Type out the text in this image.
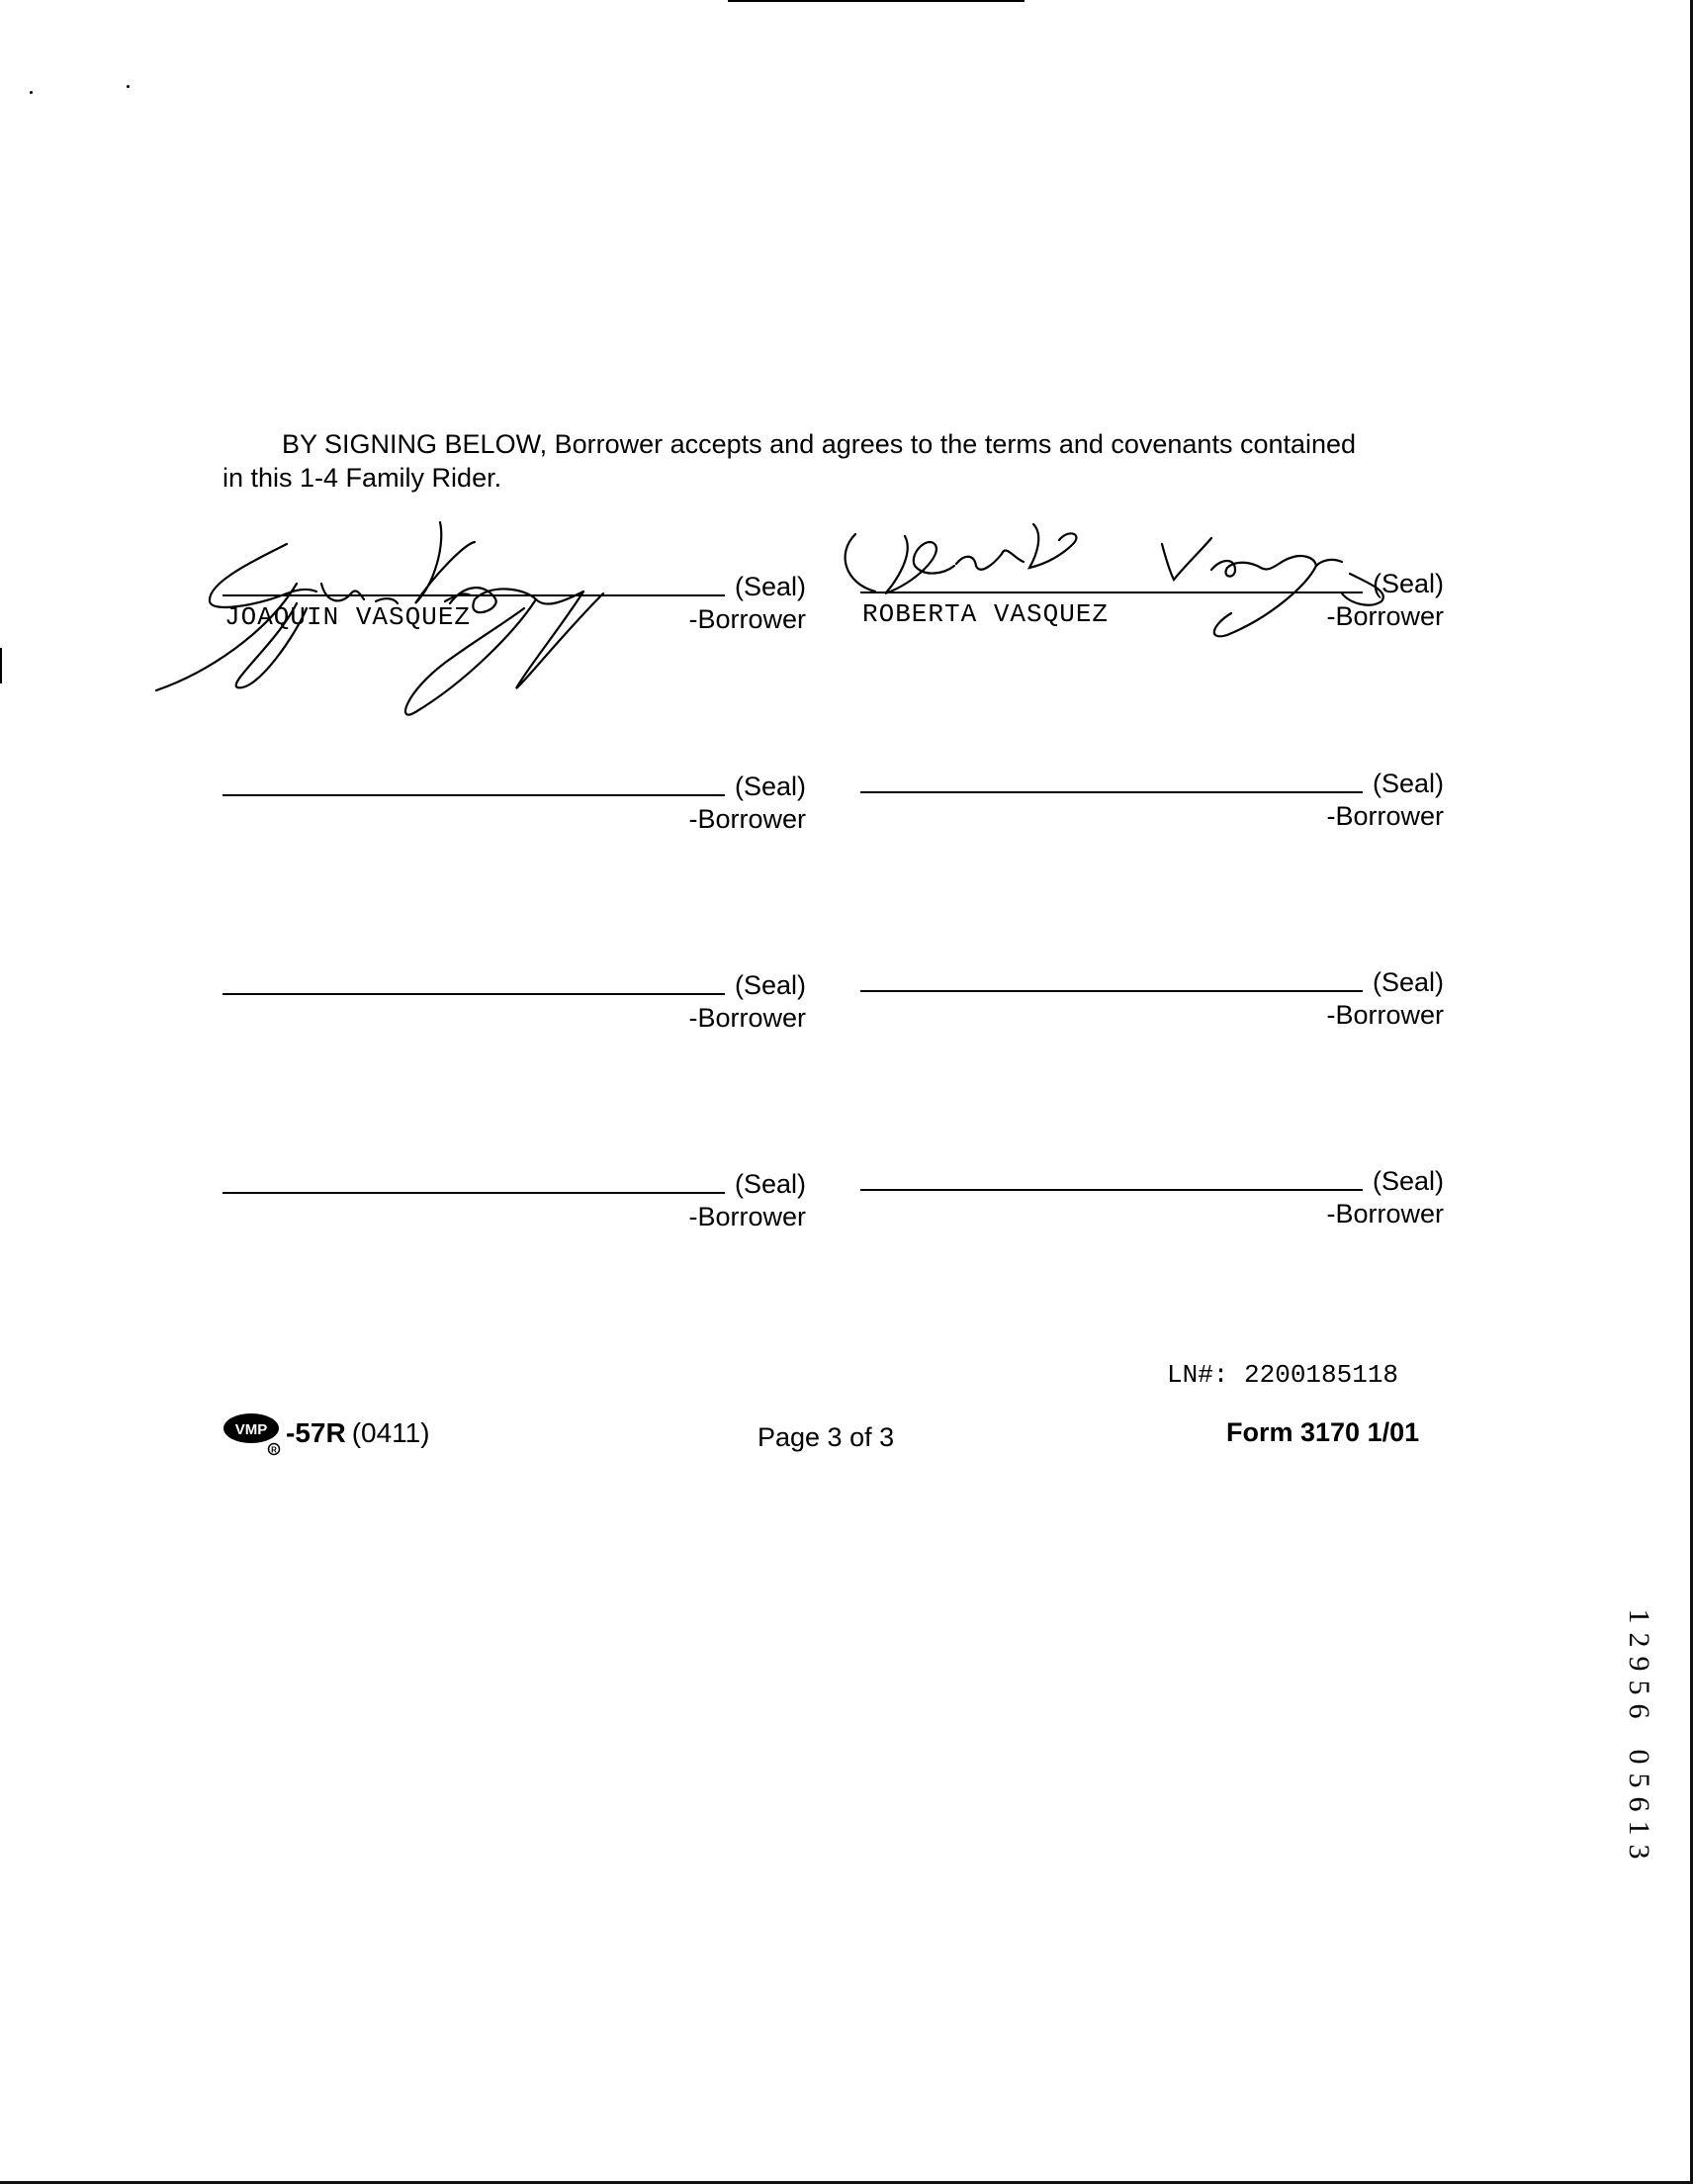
BY SIGNING BELOW, Borrower accepts and agrees to the terms and covenants contained
in this 1-4 Family Rider.
(Seal)
JOAQUIN VASQUEZ	-Borrower
(Seal)
ROBERTA VASQUEZ	-Borrower
(Seal)
-Borrower
(Seal)
-Borrower
(Seal)
-Borrower
(Seal)
-Borrower
(Seal)
-Borrower
(Seal)
-Borrower
LN#: 2200185118
VMP
R
-57R (0411)	Page 3 of 3	Form 3170 1/01
1
2
9
5
6
0
5
6
1
3
